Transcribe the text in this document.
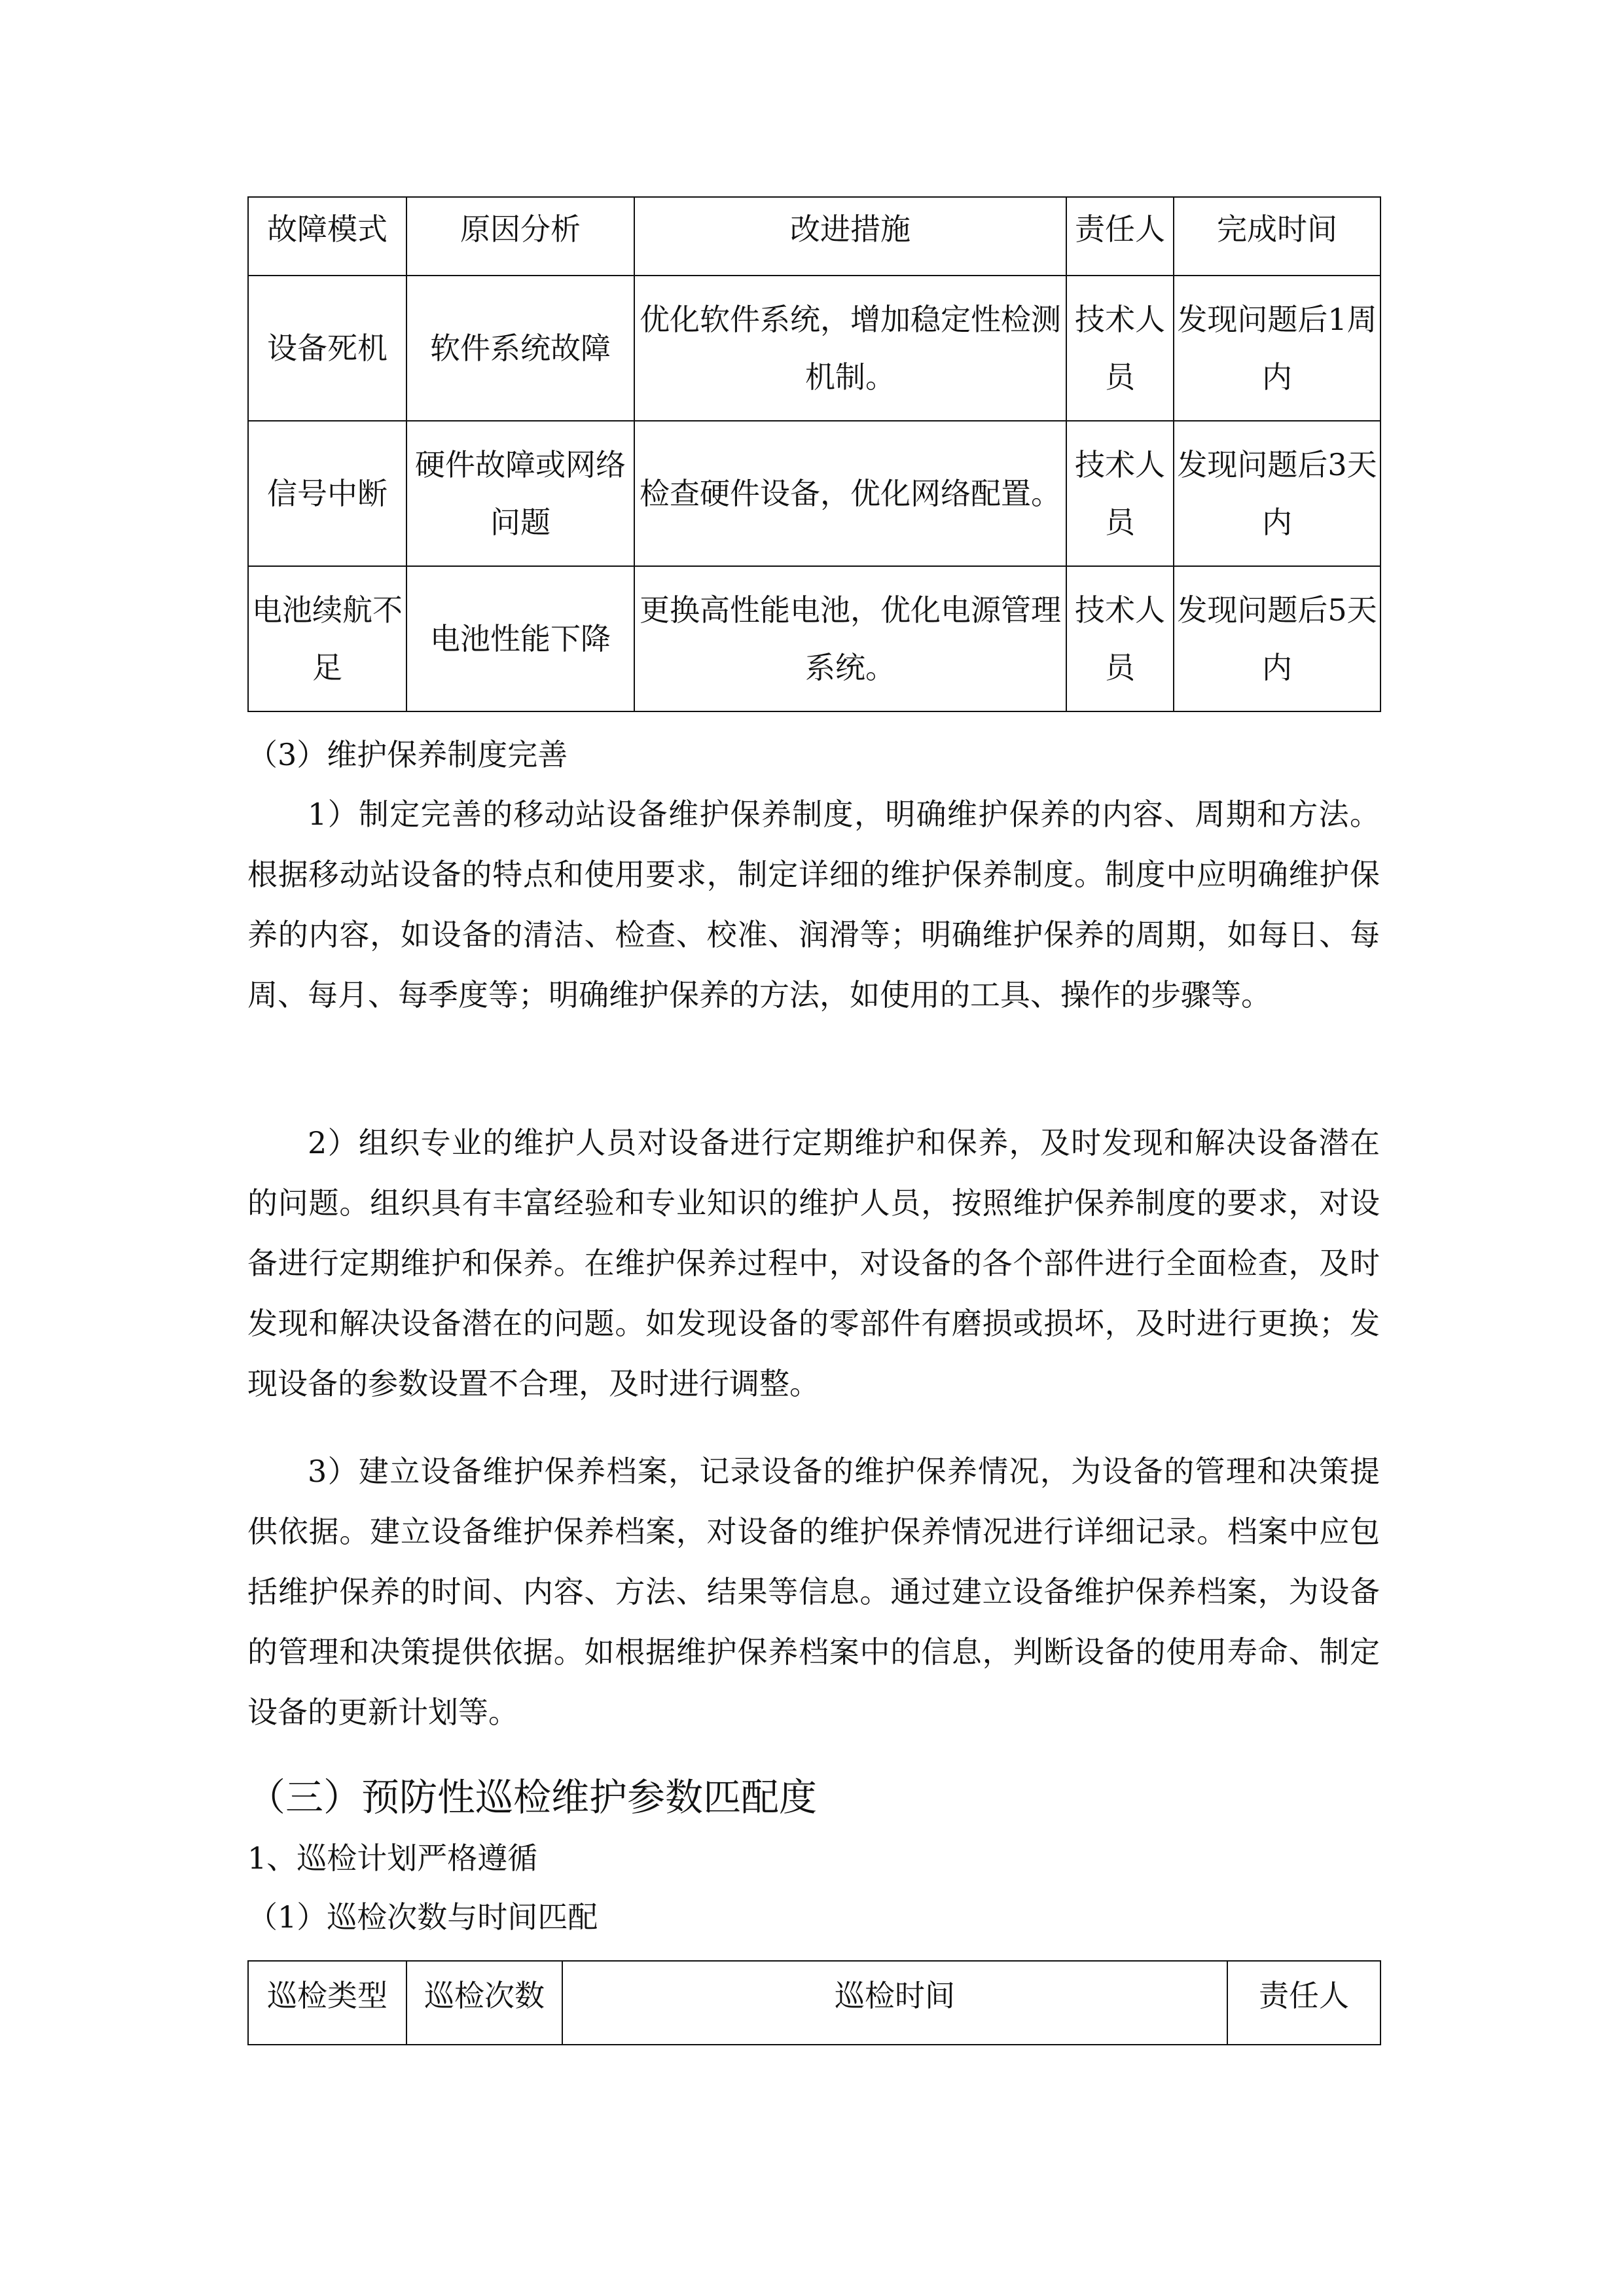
故障模式	原因分析	改进措施	责任人	完成时间
设备死机	软件系统故障	优化软件系统，增加稳定性检测机制。	技术人员	发现问题后1周内
信号中断	硬件故障或网络问题	检查硬件设备，优化网络配置。	技术人员	发现问题后3天内
电池续航不足	电池性能下降	更换高性能电池，优化电源管理系统。	技术人员	发现问题后5天内
（3）维护保养制度完善
1）制定完善的移动站设备维护保养制度，明确维护保养的内容、周期和方法。根据移动站设备的特点和使用要求，制定详细的维护保养制度。制度中应明确维护保养的内容，如设备的清洁、检查、校准、润滑等；明确维护保养的周期，如每日、每周、每月、每季度等；明确维护保养的方法，如使用的工具、操作的步骤等。
2）组织专业的维护人员对设备进行定期维护和保养，及时发现和解决设备潜在的问题。组织具有丰富经验和专业知识的维护人员，按照维护保养制度的要求，对设备进行定期维护和保养。在维护保养过程中，对设备的各个部件进行全面检查，及时发现和解决设备潜在的问题。如发现设备的零部件有磨损或损坏，及时进行更换；发现设备的参数设置不合理，及时进行调整。
3）建立设备维护保养档案，记录设备的维护保养情况，为设备的管理和决策提供依据。建立设备维护保养档案，对设备的维护保养情况进行详细记录。档案中应包括维护保养的时间、内容、方法、结果等信息。通过建立设备维护保养档案，为设备的管理和决策提供依据。如根据维护保养档案中的信息，判断设备的使用寿命、制定设备的更新计划等。
（三）预防性巡检维护参数匹配度
1、巡检计划严格遵循
（1）巡检次数与时间匹配
巡检类型	巡检次数	巡检时间	责任人
